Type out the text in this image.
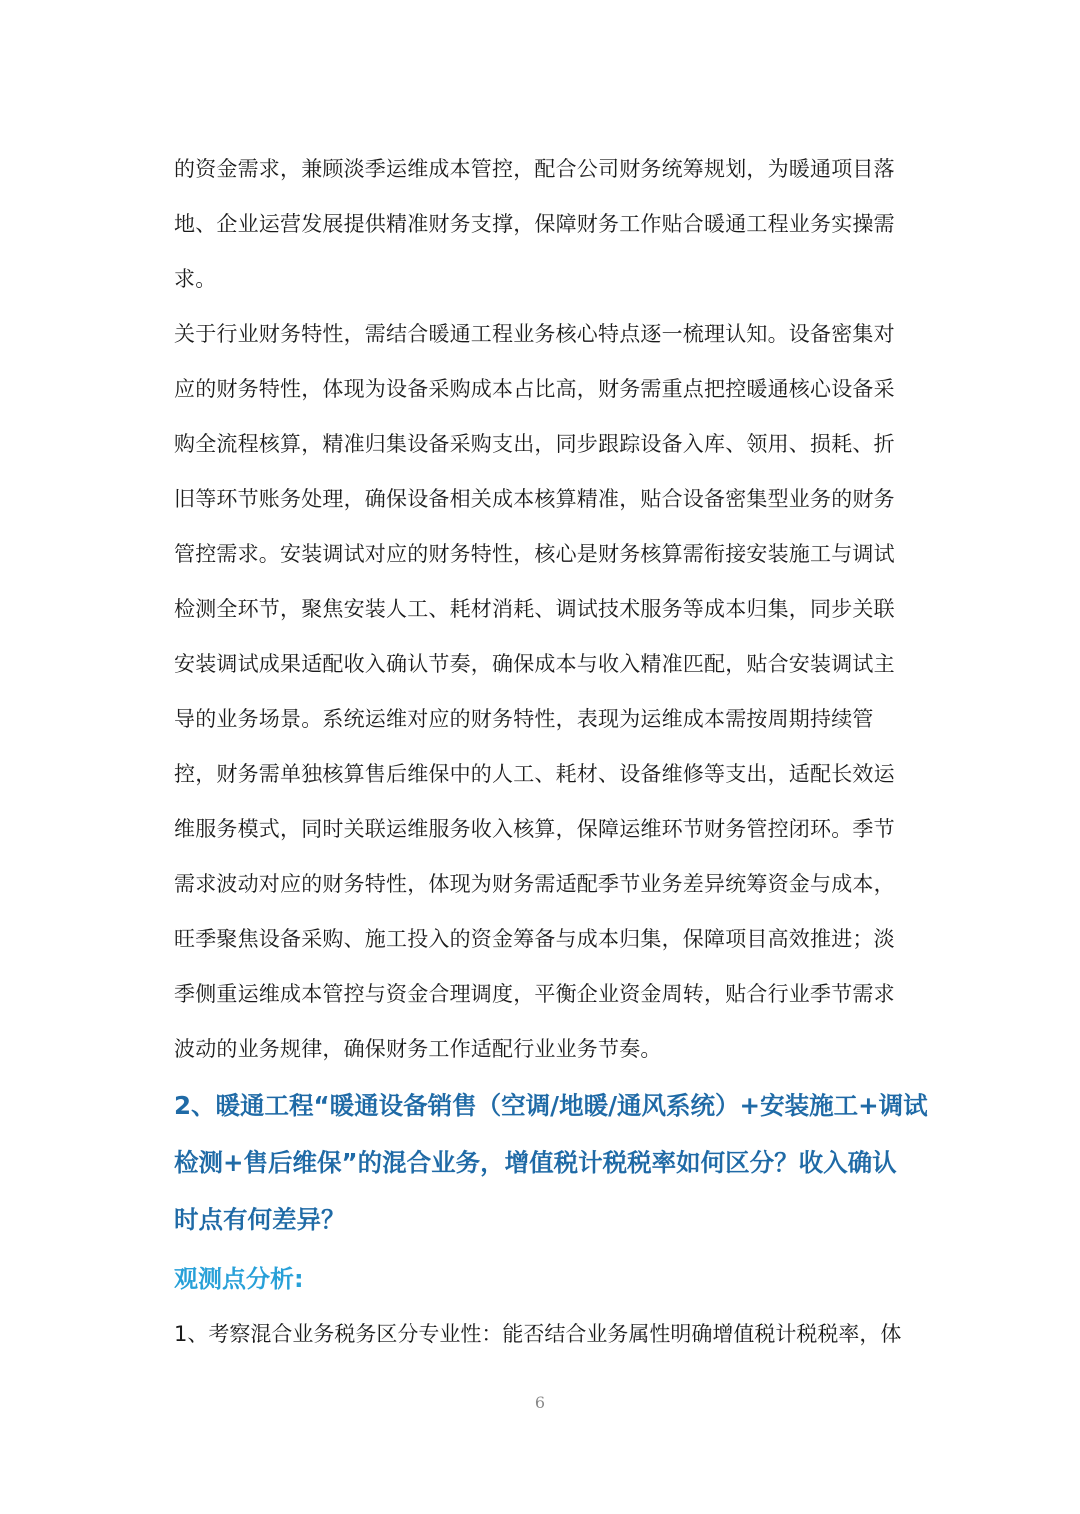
的资金需求，兼顾淡季运维成本管控，配合公司财务统筹规划，为暖通项目落

地、企业运营发展提供精准财务支撑，保障财务工作贴合暖通工程业务实操需

求。

关于行业财务特性，需结合暖通工程业务核心特点逐一梳理认知。设备密集对

应的财务特性，体现为设备采购成本占比高，财务需重点把控暖通核心设备采

购全流程核算，精准归集设备采购支出，同步跟踪设备入库、领用、损耗、折

旧等环节账务处理，确保设备相关成本核算精准，贴合设备密集型业务的财务

管控需求。安装调试对应的财务特性，核心是财务核算需衔接安装施工与调试

检测全环节，聚焦安装人工、耗材消耗、调试技术服务等成本归集，同步关联

安装调试成果适配收入确认节奏，确保成本与收入精准匹配，贴合安装调试主

导的业务场景。系统运维对应的财务特性，表现为运维成本需按周期持续管

控，财务需单独核算售后维保中的人工、耗材、设备维修等支出，适配长效运

维服务模式，同时关联运维服务收入核算，保障运维环节财务管控闭环。季节

需求波动对应的财务特性，体现为财务需适配季节业务差异统筹资金与成本，

旺季聚焦设备采购、施工投入的资金筹备与成本归集，保障项目高效推进；淡

季侧重运维成本管控与资金合理调度，平衡企业资金周转，贴合行业季节需求

波动的业务规律，确保财务工作适配行业业务节奏。

2、暖通工程“暖通设备销售（空调/地暖/通风系统）+安装施工+调试

检测+售后维保”的混合业务，增值税计税税率如何区分？收入确认

时点有何差异？

观测点分析:

1、考察混合业务税务区分专业性：能否结合业务属性明确增值税计税税率，体

6
